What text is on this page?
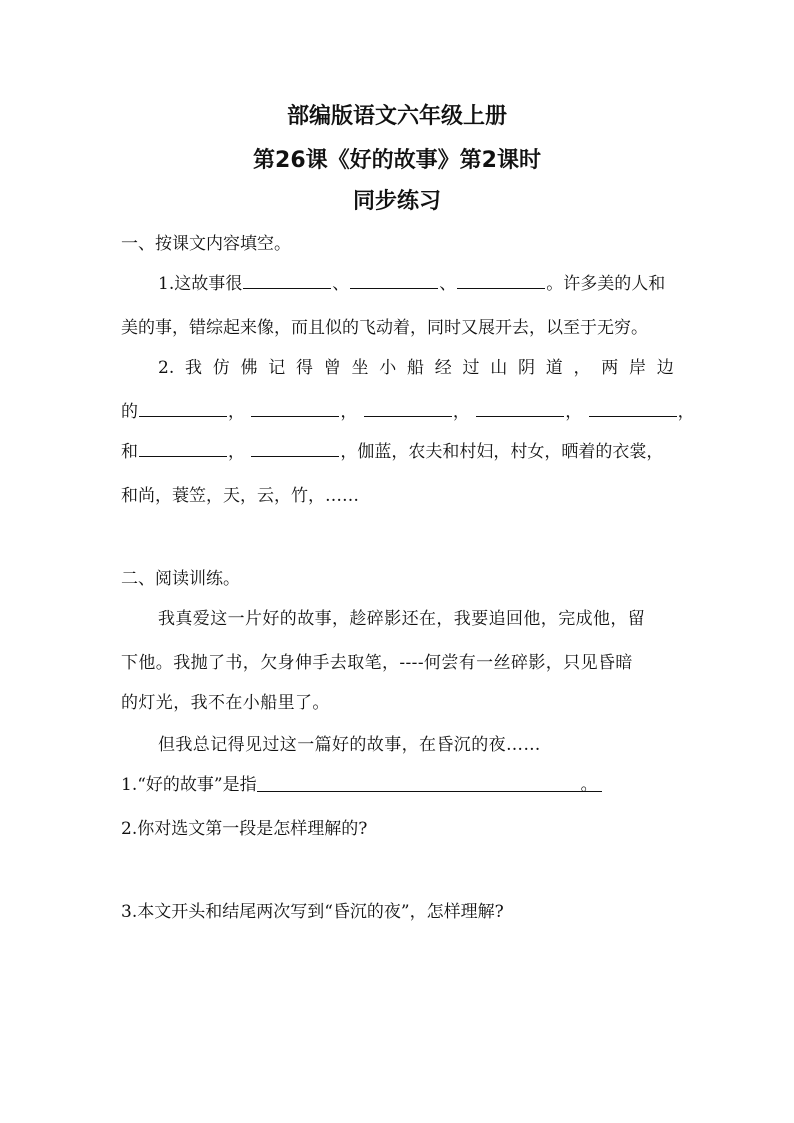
部编版语文六年级上册
第26课《好的故事》第2课时
同步练习
一、按课文内容填空。
1.这故事很	、	、	。许多美的人和
美的事，错综起来像，而且似的飞动着，同时又展开去，以至于无穷。
2. 我 仿 佛 记 得 曾 坐 小 船 经 过 山 阴 道 ， 两 岸 边
的	，	，	，	，	，
和	，	，伽蓝，农夫和村妇，村女，晒着的衣裳，
和尚，蓑笠，天，云，竹，……
二、阅读训练。
我真爱这一片好的故事，趁碎影还在，我要追回他，完成他，留
下他。我抛了书，欠身伸手去取笔，----何尝有一丝碎影，只见昏暗
的灯光，我不在小船里了。
但我总记得见过这一篇好的故事，在昏沉的夜……
1.“好的故事”是指	。
2.你对选文第一段是怎样理解的?
3.本文开头和结尾两次写到“昏沉的夜”，怎样理解?
